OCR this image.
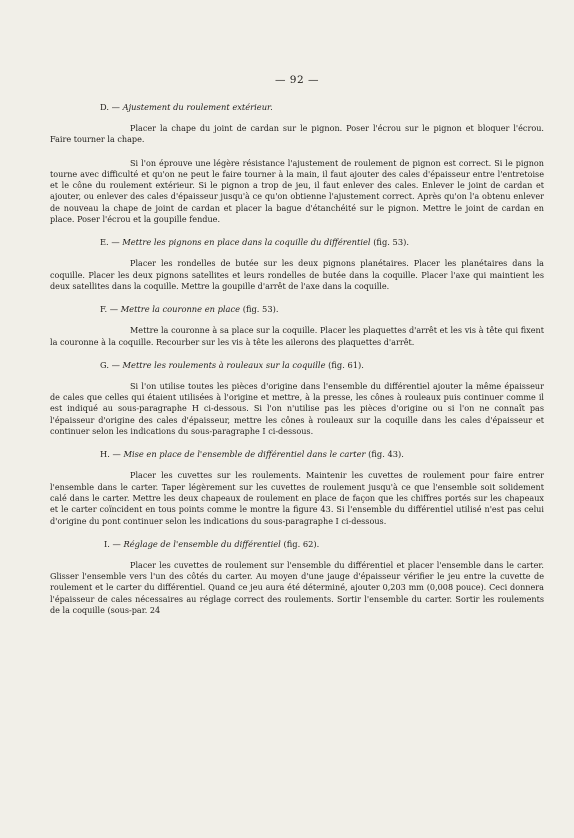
— 92 —
D. — Ajustement du roulement extérieur.

Placer la chape du joint de cardan sur le pignon. Poser l'écrou sur le pignon et bloquer l'écrou. Faire tourner la chape.

Si l'on éprouve une légère résistance l'ajustement de roulement de pignon est correct. Si le pignon tourne avec difficulté et qu'on ne peut le faire tourner à la main, il faut ajouter des cales d'épaisseur entre l'entretoise et le cône du roulement extérieur. Si le pignon a trop de jeu, il faut enlever des cales. Enlever le joint de cardan et ajouter, ou enlever des cales d'épaisseur jusqu'à ce qu'on obtienne l'ajustement correct. Après qu'on l'a obtenu enlever de nouveau la chape de joint de cardan et placer la bague d'étanchéité sur le pignon. Mettre le joint de cardan en place. Poser l'écrou et la goupille fendue.

E. — Mettre les pignons en place dans la coquille du différentiel (fig. 53).

Placer les rondelles de butée sur les deux pignons planétaires. Placer les planétaires dans la coquille. Placer les deux pignons satellites et leurs rondelles de butée dans la coquille. Placer l'axe qui maintient les deux satellites dans la coquille. Mettre la goupille d'arrêt de l'axe dans la coquille.

F. — Mettre la couronne en place (fig. 53).

Mettre la couronne à sa place sur la coquille. Placer les plaquettes d'arrêt et les vis à tête qui fixent la couronne à la coquille. Recourber sur les vis à tête les ailerons des plaquettes d'arrêt.

G. — Mettre les roulements à rouleaux sur la coquille (fig. 61).

Si l'on utilise toutes les pièces d'origine dans l'ensemble du différentiel ajouter la même épaisseur de cales que celles qui étaient utilisées à l'origine et mettre, à la presse, les cônes à rouleaux puis continuer comme il est indiqué au sous-paragraphe H ci-dessous. Si l'on n'utilise pas les pièces d'origine ou si l'on ne connaît pas l'épaisseur d'origine des cales d'épaisseur, mettre les cônes à rouleaux sur la coquille dans les cales d'épaisseur et continuer selon les indications du sous-paragraphe I ci-dessous.

H. — Mise en place de l'ensemble de différentiel dans le carter (fig. 43).

Placer les cuvettes sur les roulements. Maintenir les cuvettes de roulement pour faire entrer l'ensemble dans le carter. Taper légèrement sur les cuvettes de roulement jusqu'à ce que l'ensemble soit solidement calé dans le carter. Mettre les deux chapeaux de roulement en place de façon que les chiffres portés sur les chapeaux et le carter coïncident en tous points comme le montre la figure 43. Si l'ensemble du différentiel utilisé n'est pas celui d'origine du pont continuer selon les indications du sous-paragraphe I ci-dessous.

I. — Réglage de l'ensemble du différentiel (fig. 62).

Placer les cuvettes de roulement sur l'ensemble du différentiel et placer l'ensemble dans le carter. Glisser l'ensemble vers l'un des côtés du carter. Au moyen d'une jauge d'épaisseur vérifier le jeu entre la cuvette de roulement et le carter du différentiel. Quand ce jeu aura été déterminé, ajouter 0,203 mm (0,008 pouce). Ceci donnera l'épaisseur de cales nécessaires au réglage correct des roulements. Sortir l'ensemble du carter. Sortir les roulements de la coquille (sous-par. 24
